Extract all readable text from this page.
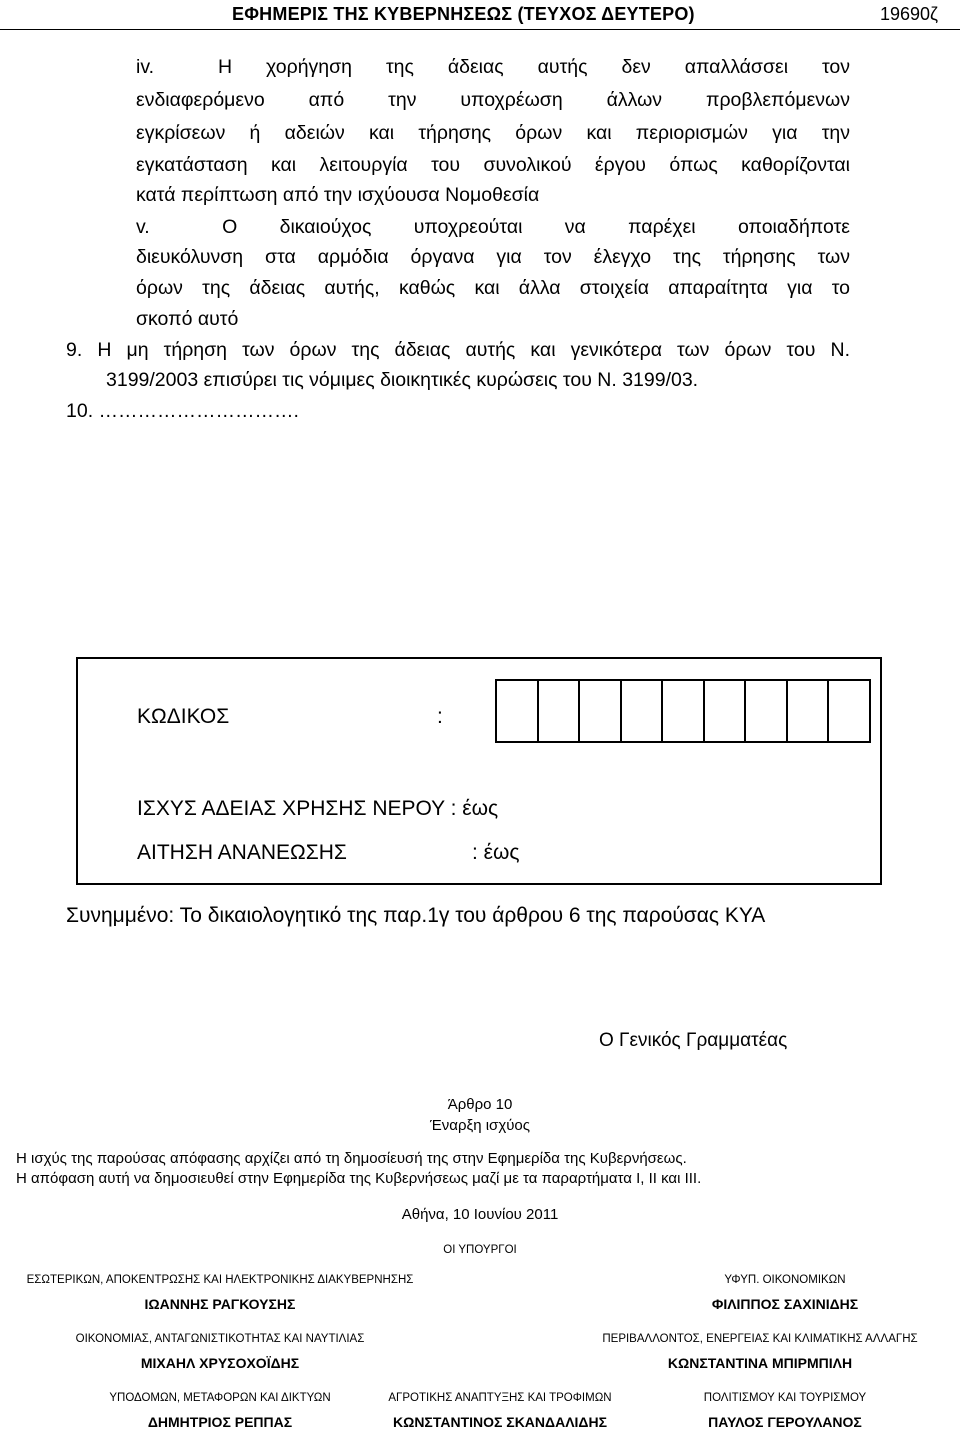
ΕΦΗΜΕΡΙΣ ΤΗΣ ΚΥΒΕΡΝΗΣΕΩΣ (ΤΕΥΧΟΣ ΔΕΥΤΕΡΟ)	19690ζ
iv.	Η χορήγηση της άδειας αυτής δεν απαλλάσσει τον
ενδιαφερόμενο από την υποχρέωση άλλων προβλεπόμενων
εγκρίσεων ή αδειών και τήρησης όρων και περιορισμών για την
εγκατάσταση και λειτουργία του συνολικού έργου όπως καθορίζονται
κατά περίπτωση από την ισχύουσα Νομοθεσία
v.	Ο δικαιούχος υποχρεούται να παρέχει οποιαδήποτε
διευκόλυνση στα αρμόδια όργανα για τον έλεγχο της τήρησης των
όρων της άδειας αυτής, καθώς και άλλα στοιχεία απαραίτητα για το
σκοπό αυτό
9. Η μη τήρηση των όρων της άδειας αυτής και γενικότερα των όρων του Ν.
3199/2003 επισύρει τις νόμιμες διοικητικές κυρώσεις του Ν. 3199/03.
10. ………………………….
ΚΩΔΙΚΟΣ	:
ΙΣΧΥΣ ΑΔΕΙΑΣ ΧΡΗΣΗΣ ΝΕΡΟΥ : έως
ΑΙΤΗΣΗ ΑΝΑΝΕΩΣΗΣ	: έως
Συνημμένο: Το δικαιολογητικό της παρ.1γ του άρθρου 6 της παρούσας ΚΥΑ
Ο Γενικός Γραμματέας
Άρθρο 10
Έναρξη ισχύος
Η ισχύς της παρούσας απόφασης αρχίζει από τη δημοσίευσή της στην Εφημερίδα της Κυβερνήσεως.
Η απόφαση αυτή να δημοσιευθεί στην Εφημερίδα της Κυβερνήσεως μαζί με τα παραρτήματα Ι, ΙΙ και ΙΙΙ.
Αθήνα, 10 Ιουνίου 2011
ΟΙ ΥΠΟΥΡΓΟΙ
ΕΣΩΤΕΡΙΚΩΝ, ΑΠΟΚΕΝΤΡΩΣΗΣ ΚΑΙ ΗΛΕΚΤΡΟΝΙΚΗΣ ΔΙΑΚΥΒΕΡΝΗΣΗΣ
ΙΩΑΝΝΗΣ ΡΑΓΚΟΥΣΗΣ
ΥΦΥΠ. ΟΙΚΟΝΟΜΙΚΩΝ
ΦΙΛΙΠΠΟΣ ΣΑΧΙΝΙΔΗΣ
ΟΙΚΟΝΟΜΙΑΣ, ΑΝΤΑΓΩΝΙΣΤΙΚΟΤΗΤΑΣ ΚΑΙ ΝΑΥΤΙΛΙΑΣ
ΜΙΧΑΗΛ ΧΡΥΣΟΧΟΪΔΗΣ
ΠΕΡΙΒΑΛΛΟΝΤΟΣ, ΕΝΕΡΓΕΙΑΣ ΚΑΙ ΚΛΙΜΑΤΙΚΗΣ ΑΛΛΑΓΗΣ
ΚΩΝΣΤΑΝΤΙΝΑ ΜΠΙΡΜΠΙΛΗ
ΥΠΟΔΟΜΩΝ, ΜΕΤΑΦΟΡΩΝ ΚΑΙ ΔΙΚΤΥΩΝ
ΔΗΜΗΤΡΙΟΣ ΡΕΠΠΑΣ
ΑΓΡΟΤΙΚΗΣ ΑΝΑΠΤΥΞΗΣ ΚΑΙ ΤΡΟΦΙΜΩΝ
ΚΩΝΣΤΑΝΤΙΝΟΣ ΣΚΑΝΔΑΛΙΔΗΣ
ΠΟΛΙΤΙΣΜΟΥ ΚΑΙ ΤΟΥΡΙΣΜΟΥ
ΠΑΥΛΟΣ ΓΕΡΟΥΛΑΝΟΣ
